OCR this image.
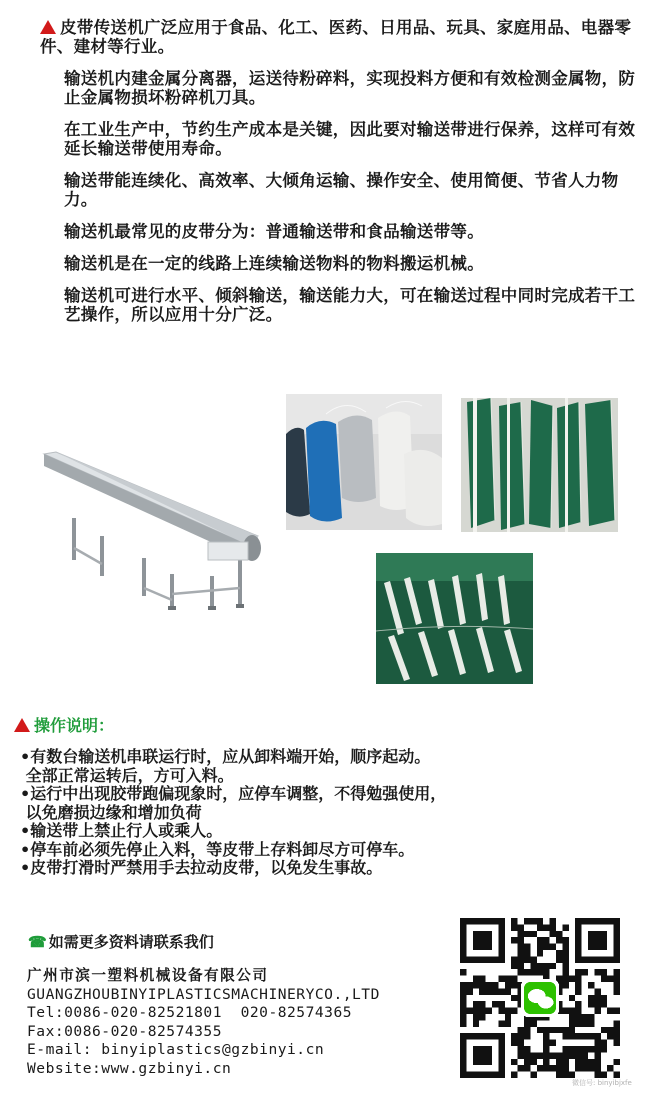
皮带传送机广泛应用于食品、化工、医药、日用品、玩具、家庭用品、电器零件、建材等行业。

输送机内建金属分离器，运送待粉碎料，实现投料方便和有效检测金属物，防止金属物损坏粉碎机刀具。

在工业生产中，节约生产成本是关键，因此要对输送带进行保养，这样可有效延长输送带使用寿命。

输送带能连续化、高效率、大倾角运输、操作安全、使用简便、节省人力物力。

输送机最常见的皮带分为：普通输送带和食品输送带等。

输送机是在一定的线路上连续输送物料的物料搬运机械。

输送机可进行水平、倾斜输送，输送能力大，可在输送过程中同时完成若干工艺操作，所以应用十分广泛。

操作说明：
•有数台输送机串联运行时，应从卸料端开始，顺序起动。
全部正常运转后，方可入料。
•运行中出现胶带跑偏现象时，应停车调整，不得勉强使用，
以免磨损边缘和增加负荷
•输送带上禁止行人或乘人。
•停车前必须先停止入料，等皮带上存料卸尽方可停车。
•皮带打滑时严禁用手去拉动皮带，以免发生事故。
☎ 如需更多资料请联系我们
广州市滨一塑料机械设备有限公司
GUANGZHOUBINYIPLASTICSMACHINERYCO.,LTD
Tel:0086-020-82521801  020-82574365
Fax:0086-020-82574355
E-mail: binyiplastics@gzbinyi.cn
Website:www.gzbinyi.cn
微信号: binyibjxfe
